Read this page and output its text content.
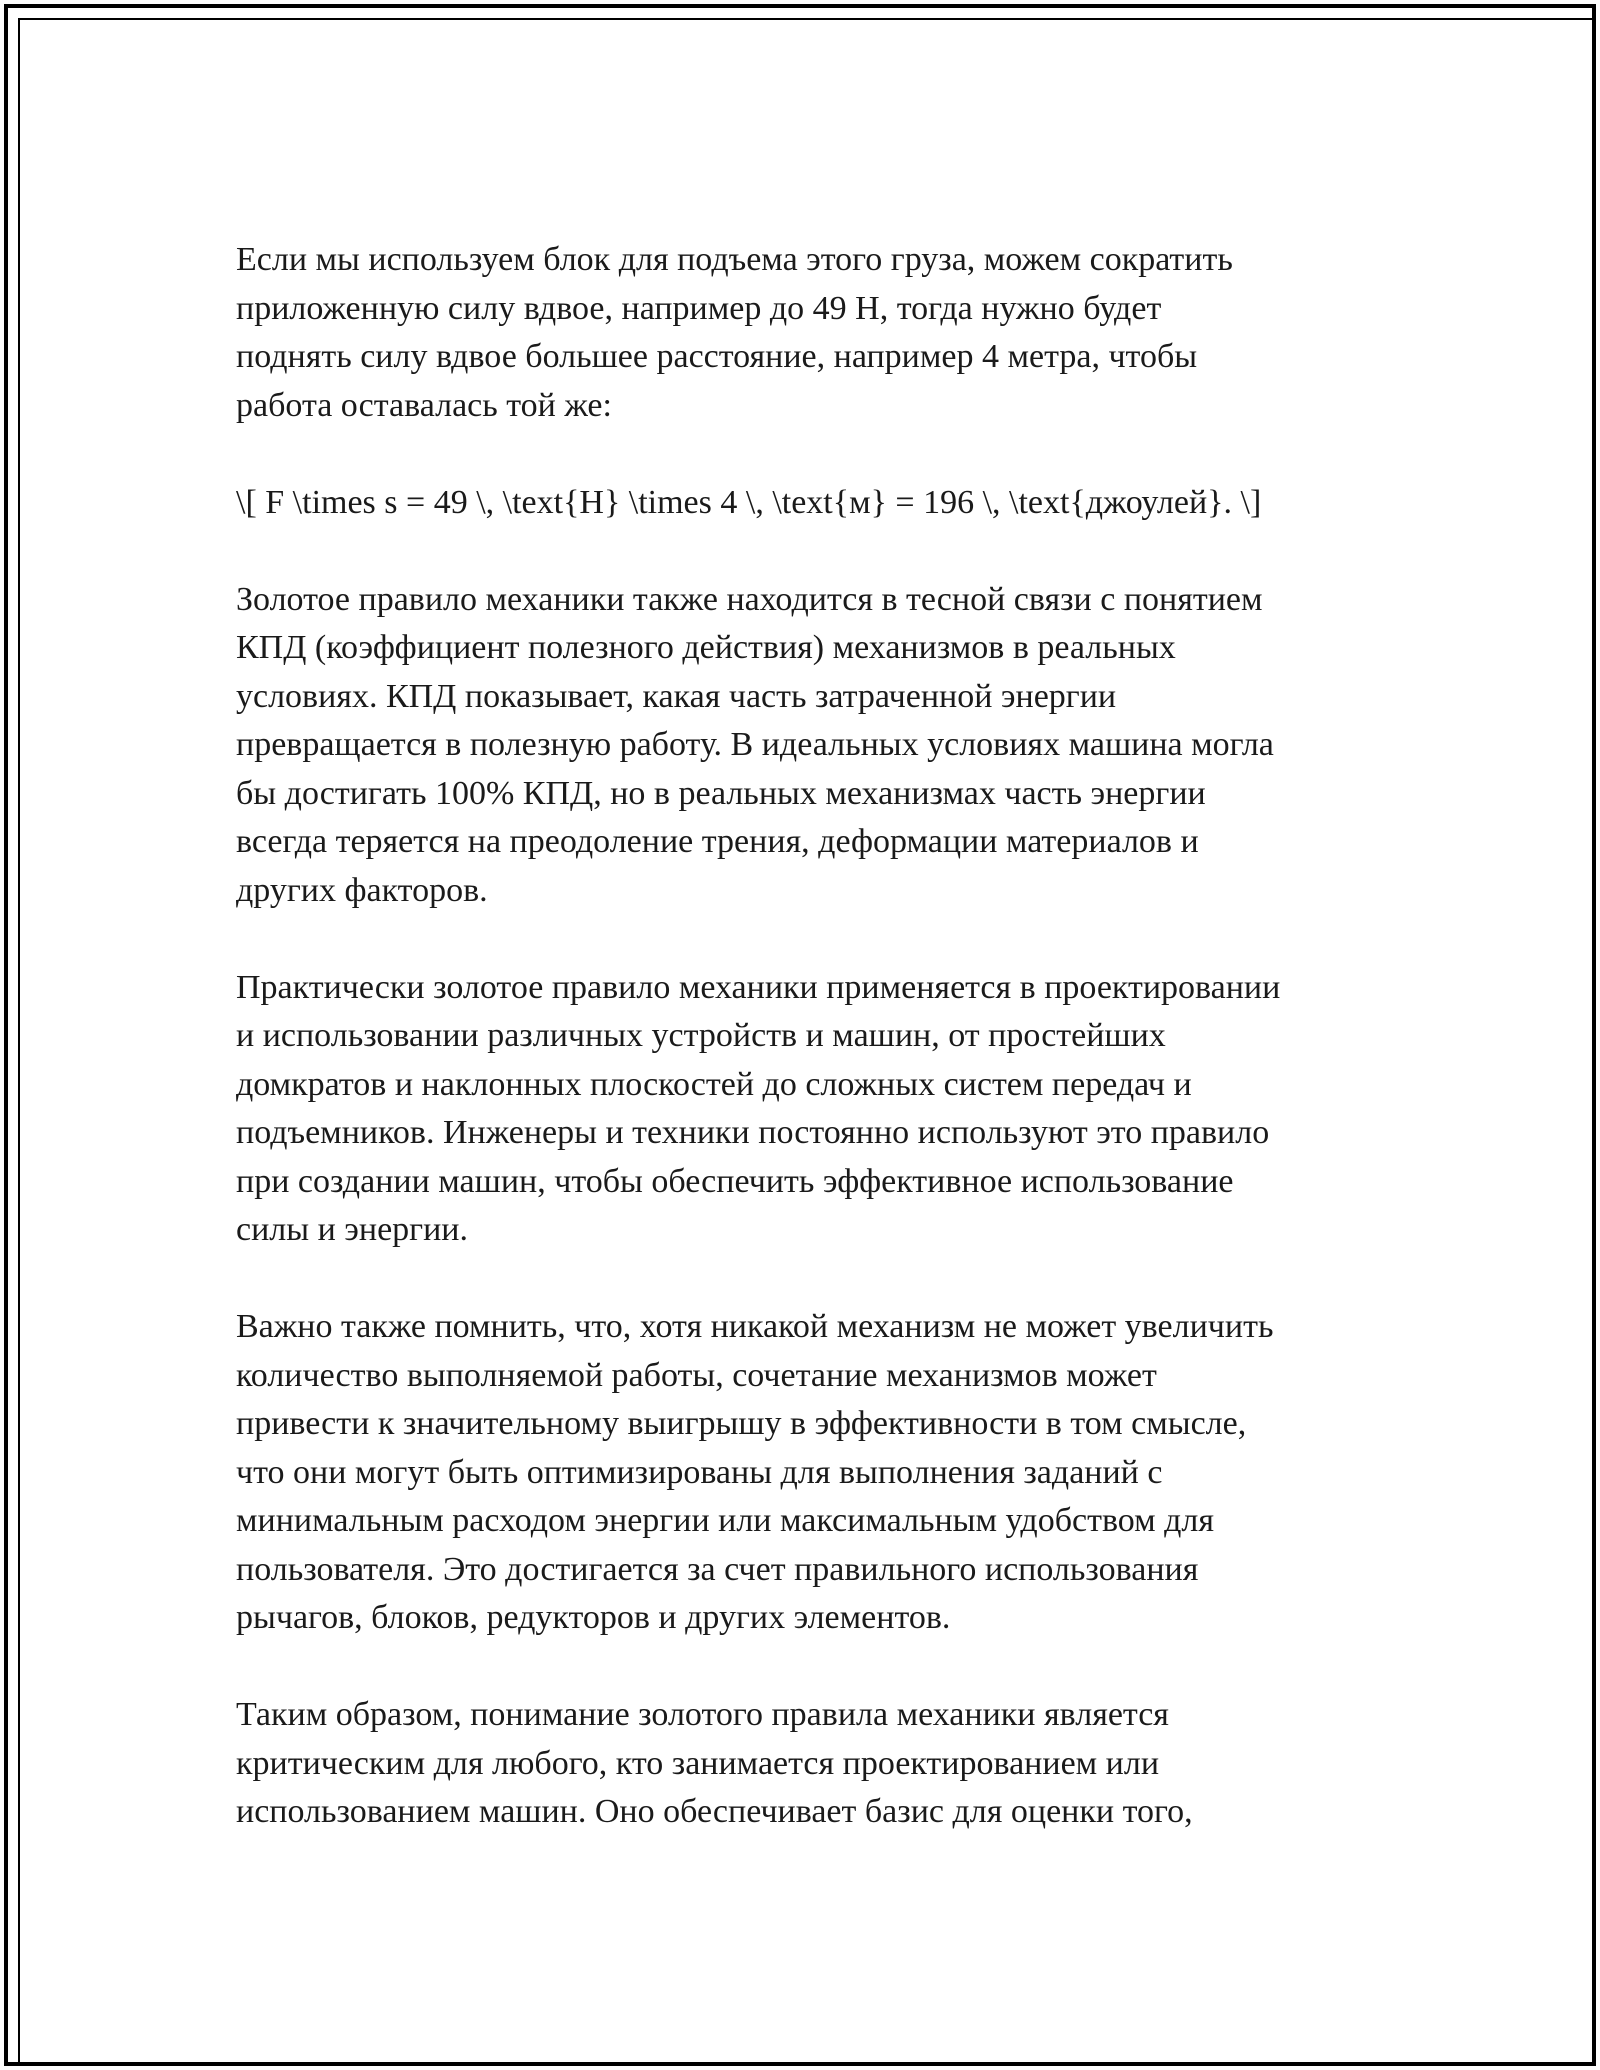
Если мы используем блок для подъема этого груза, можем сократить
приложенную силу вдвое, например до 49 Н, тогда нужно будет
поднять силу вдвое большее расстояние, например 4 метра, чтобы
работа оставалась той же:

\[ F \times s = 49 \, \text{Н} \times 4 \, \text{м} = 196 \, \text{джоулей}. \]

Золотое правило механики также находится в тесной связи с понятием
КПД (коэффициент полезного действия) механизмов в реальных
условиях. КПД показывает, какая часть затраченной энергии
превращается в полезную работу. В идеальных условиях машина могла
бы достигать 100% КПД, но в реальных механизмах часть энергии
всегда теряется на преодоление трения, деформации материалов и
других факторов.

Практически золотое правило механики применяется в проектировании
и использовании различных устройств и машин, от простейших
домкратов и наклонных плоскостей до сложных систем передач и
подъемников. Инженеры и техники постоянно используют это правило
при создании машин, чтобы обеспечить эффективное использование
силы и энергии.

Важно также помнить, что, хотя никакой механизм не может увеличить
количество выполняемой работы, сочетание механизмов может
привести к значительному выигрышу в эффективности в том смысле,
что они могут быть оптимизированы для выполнения заданий с
минимальным расходом энергии или максимальным удобством для
пользователя. Это достигается за счет правильного использования
рычагов, блоков, редукторов и других элементов.

Таким образом, понимание золотого правила механики является
критическим для любого, кто занимается проектированием или
использованием машин. Оно обеспечивает базис для оценки того,
